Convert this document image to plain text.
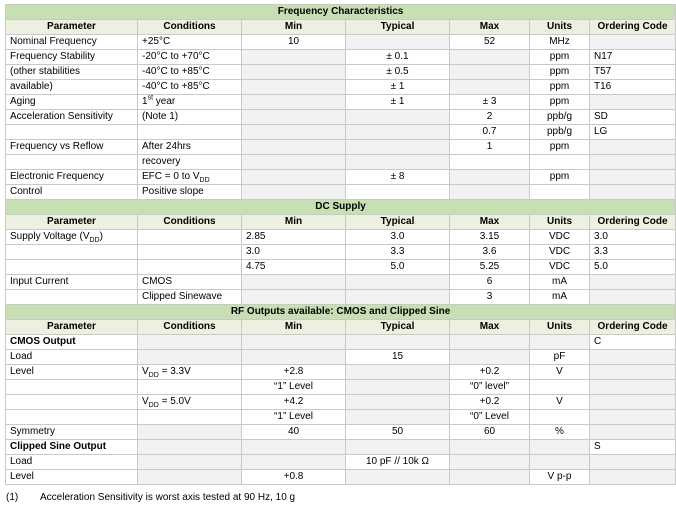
Frequency Characteristics						
Parameter	Conditions	Min	Typical	Max	Units	Ordering Code
Nominal Frequency	+25°C	10		52	MHz	
Frequency Stability	-20°C to +70°C		± 0.1		ppm	N17
(other stabilities	-40°C to +85°C		± 0.5		ppm	T57
available)	-40°C to +85°C		± 1		ppm	T16
Aging	1st year		± 1	± 3	ppm	
Acceleration Sensitivity	(Note 1)			2	ppb/g	SD
				0.7	ppb/g	LG
Frequency vs Reflow	After 24hrs			1	ppm	
	recovery					
Electronic Frequency	EFC = 0 to $V_{DD}$		± 8		ppm	
Control	Positive slope					
DC Supply						
Parameter	Conditions	Min	Typical	Max	Units	Ordering Code
Supply Voltage $(V_{DD})$		2.85	3.0	3.15	VDC	3.0
		3.0	3.3	3.6	VDC	3.3
		4.75	5.0	5.25	VDC	5.0
Input Current	CMOS			6	mA	
	Clipped Sinewave			3	mA	
RF Outputs available: CMOS and Clipped Sine						
Parameter	Conditions	Min	Typical	Max	Units	Ordering Code
CMOS Output						C
Load			15		pF	
Level	$V_{DD} = 3.3V$	+2.8		+0.2	V	
		“1” Level		“0” level”		
	$V_{DD} = 5.0V$	+4.2		+0.2	V	
		“1” Level		“0” Level		
Symmetry		40	50	60	%	
Clipped Sine Output						S
Load			10 pF // 10k Ω			
Level		+0.8			V p-p	
(1) Acceleration Sensitivity is worst axis tested at 90 Hz, 10 g
